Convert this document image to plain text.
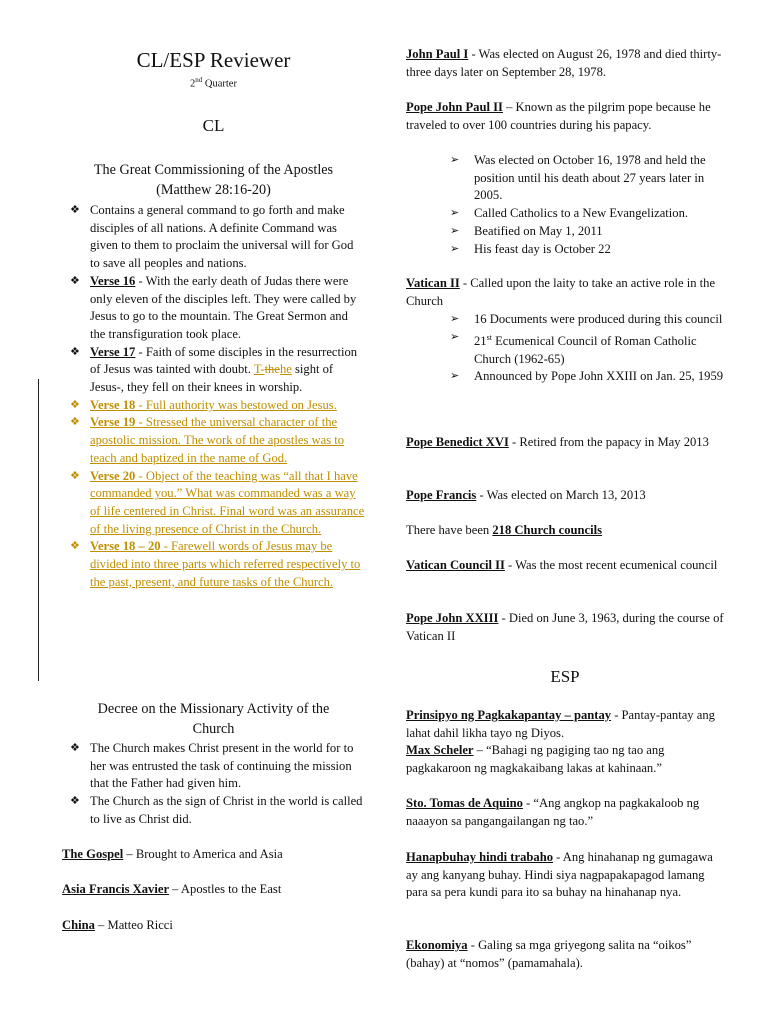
CL/ESP Reviewer
2nd Quarter
CL
The Great Commissioning of the Apostles
(Matthew 28:16-20)
❖ Contains a general command to go forth and make disciples of all nations. A definite Command was given to them to proclaim the universal will for God to save all peoples and nations.
❖ Verse 16 - With the early death of Judas there were only eleven of the disciples left. They were called by Jesus to go to the mountain. The Great Sermon and the transfiguration took place.
❖ Verse 17 - Faith of some disciples in the resurrection of Jesus was tainted with doubt. T-thehe sight of Jesus-, they fell on their knees in worship.
❖ Verse 18 - Full authority was bestowed on Jesus.
❖ Verse 19 - Stressed the universal character of the apostolic mission. The work of the apostles was to teach and baptized in the name of God.
❖ Verse 20 - Object of the teaching was “all that I have commanded you.” What was commanded was a way of life centered in Christ. Final word was an assurance of the living presence of Christ in the Church.
❖ Verse 18 – 20 - Farewell words of Jesus may be divided into three parts which referred respectively to the past, present, and future tasks of the Church.
Decree on the Missionary Activity of the
Church
❖ The Church makes Christ present in the world for to her was entrusted the task of continuing the mission that the Father had given him.
❖ The Church as the sign of Christ in the world is called to live as Christ did.
The Gospel – Brought to America and Asia
Asia Francis Xavier – Apostles to the East
China – Matteo Ricci
John Paul I - Was elected on August 26, 1978 and died thirty-three days later on September 28, 1978.
Pope John Paul II – Known as the pilgrim pope because he traveled to over 100 countries during his papacy.
➢ Was elected on October 16, 1978 and held the position until his death about 27 years later in 2005.
➢ Called Catholics to a New Evangelization.
➢ Beatified on May 1, 2011
➢ His feast day is October 22
Vatican II - Called upon the laity to take an active role in the Church
➢ 16 Documents were produced during this council
➢ 21st Ecumenical Council of Roman Catholic Church (1962-65)
➢ Announced by Pope John XXIII on Jan. 25, 1959
Pope Benedict XVI - Retired from the papacy in May 2013
Pope Francis - Was elected on March 13, 2013
There have been 218 Church councils
Vatican Council II - Was the most recent ecumenical council
Pope John XXIII - Died on June 3, 1963, during the course of Vatican II
ESP
Prinsipyo ng Pagkakapantay – pantay - Pantay-pantay ang lahat dahil likha tayo ng Diyos.
Max Scheler – “Bahagi ng pagiging tao ng tao ang pagkakaroon ng magkakaibang lakas at kahinaan.”
Sto. Tomas de Aquino - “Ang angkop na pagkakaloob ng naaayon sa pangangailangan ng tao.”
Hanapbuhay hindi trabaho - Ang hinahanap ng gumagawa ay ang kanyang buhay. Hindi siya nagpapakapagod lamang para sa pera kundi para ito sa buhay na hinahanap nya.
Ekonomiya - Galing sa mga griyegong salita na “oikos” (bahay) at “nomos” (pamamahala).
